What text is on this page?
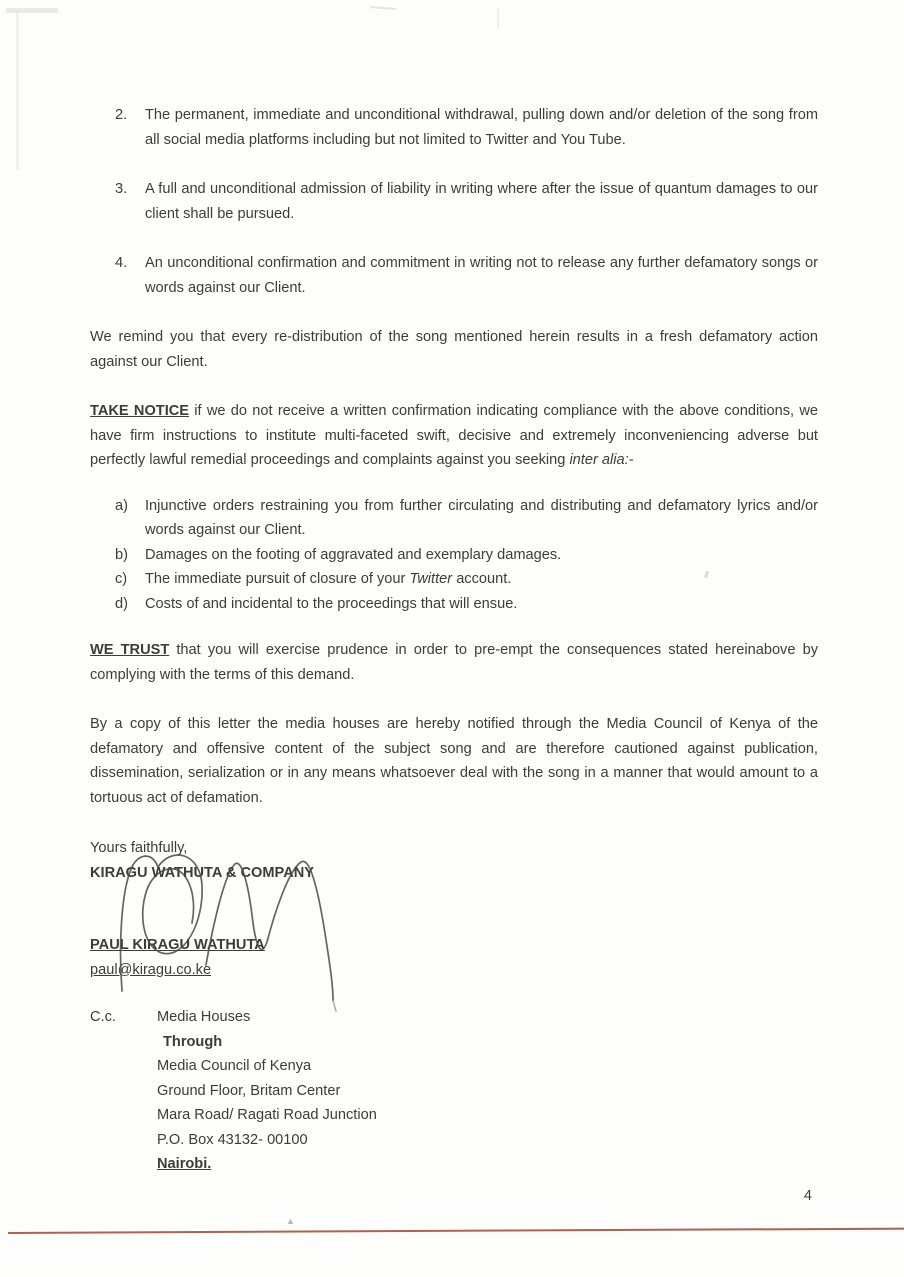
2.	The permanent, immediate and unconditional withdrawal, pulling down and/or deletion of the song from all social media platforms including but not limited to Twitter and You Tube.
3.	A full and unconditional admission of liability in writing where after the issue of quantum damages to our client shall be pursued.
4.	An unconditional confirmation and commitment in writing not to release any further defamatory songs or words against our Client.

We remind you that every re-distribution of the song mentioned herein results in a fresh defamatory action against our Client.

TAKE NOTICE if we do not receive a written confirmation indicating compliance with the above conditions, we have firm instructions to institute multi-faceted swift, decisive and extremely inconveniencing adverse but perfectly lawful remedial proceedings and complaints against you seeking inter alia:-

a)	Injunctive orders restraining you from further circulating and distributing and defamatory lyrics and/or words against our Client.
b)	Damages on the footing of aggravated and exemplary damages.
c)	The immediate pursuit of closure of your Twitter account.
d)	Costs of and incidental to the proceedings that will ensue.

WE TRUST that you will exercise prudence in order to pre-empt the consequences stated hereinabove by complying with the terms of this demand.

By a copy of this letter the media houses are hereby notified through the Media Council of Kenya of the defamatory and offensive content of the subject song and are therefore cautioned against publication, dissemination, serialization or in any means whatsoever deal with the song in a manner that would amount to a tortuous act of defamation.

Yours faithfully,
KIRAGU WATHUTA & COMPANY
PAUL KIRAGU WATHUTA
paul@kiragu.co.ke
C.c.	Media Houses
Through
Media Council of Kenya
Ground Floor, Britam Center
Mara Road/ Ragati Road Junction
P.O. Box 43132- 00100
Nairobi.
4
▲
